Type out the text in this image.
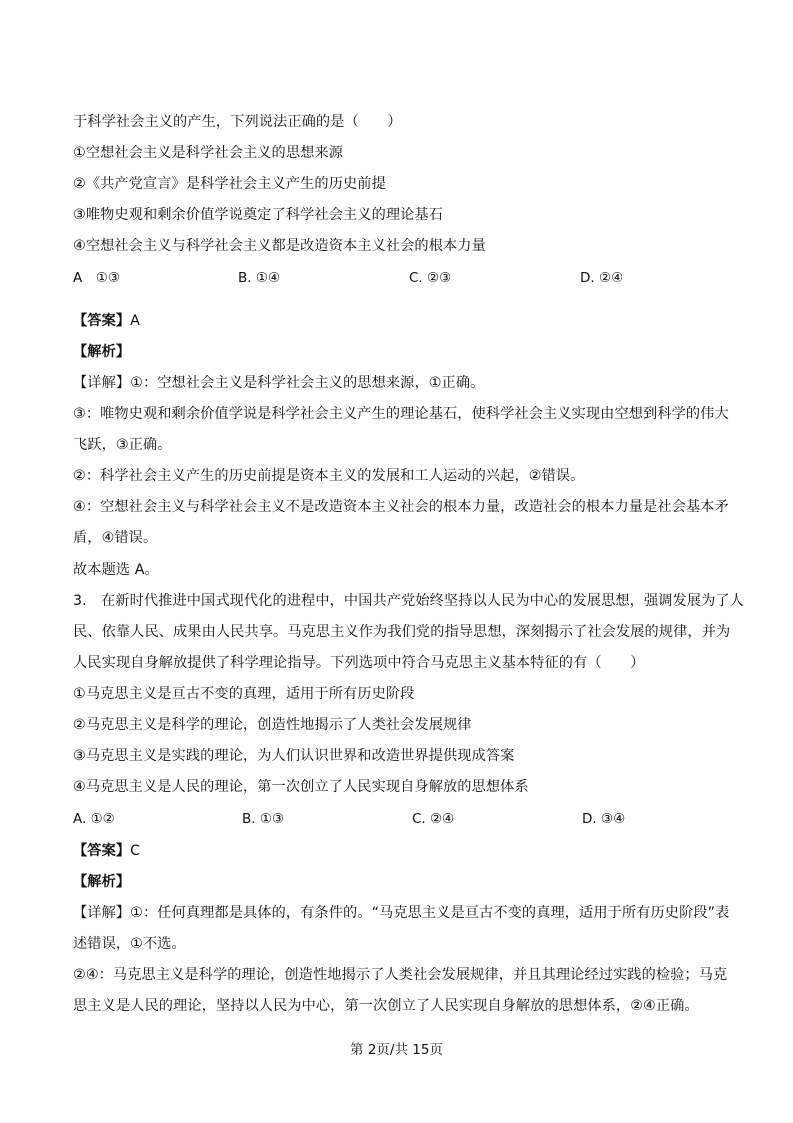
于科学社会主义的产生，下列说法正确的是（　　）
①空想社会主义是科学社会主义的思想来源
②《共产党宣言》是科学社会主义产生的历史前提
③唯物史观和剩余价值学说奠定了科学社会主义的理论基石
④空想社会主义与科学社会主义都是改造资本主义社会的根本力量
A　①③	B. ①④	C. ②③	D. ②④
【答案】A
【解析】
【详解】①：空想社会主义是科学社会主义的思想来源，①正确。
③：唯物史观和剩余价值学说是科学社会主义产生的理论基石，使科学社会主义实现由空想到科学的伟大
飞跃，③正确。
②：科学社会主义产生的历史前提是资本主义的发展和工人运动的兴起，②错误。
④：空想社会主义与科学社会主义不是改造资本主义社会的根本力量，改造社会的根本力量是社会基本矛
盾，④错误。
故本题选 A。
3.　在新时代推进中国式现代化的进程中，中国共产党始终坚持以人民为中心的发展思想，强调发展为了人
民、依靠人民、成果由人民共享。马克思主义作为我们党的指导思想，深刻揭示了社会发展的规律，并为
人民实现自身解放提供了科学理论指导。下列选项中符合马克思主义基本特征的有（　　）
①马克思主义是亘古不变的真理，适用于所有历史阶段
②马克思主义是科学的理论，创造性地揭示了人类社会发展规律
③马克思主义是实践的理论，为人们认识世界和改造世界提供现成答案
④马克思主义是人民的理论，第一次创立了人民实现自身解放的思想体系
A. ①②	B. ①③	C. ②④	D. ③④
【答案】C
【解析】
【详解】①：任何真理都是具体的，有条件的。“马克思主义是亘古不变的真理，适用于所有历史阶段”表
述错误，①不选。
②④：马克思主义是科学的理论，创造性地揭示了人类社会发展规律，并且其理论经过实践的检验；马克
思主义是人民的理论，坚持以人民为中心，第一次创立了人民实现自身解放的思想体系，②④正确。
第 2页/共 15页
